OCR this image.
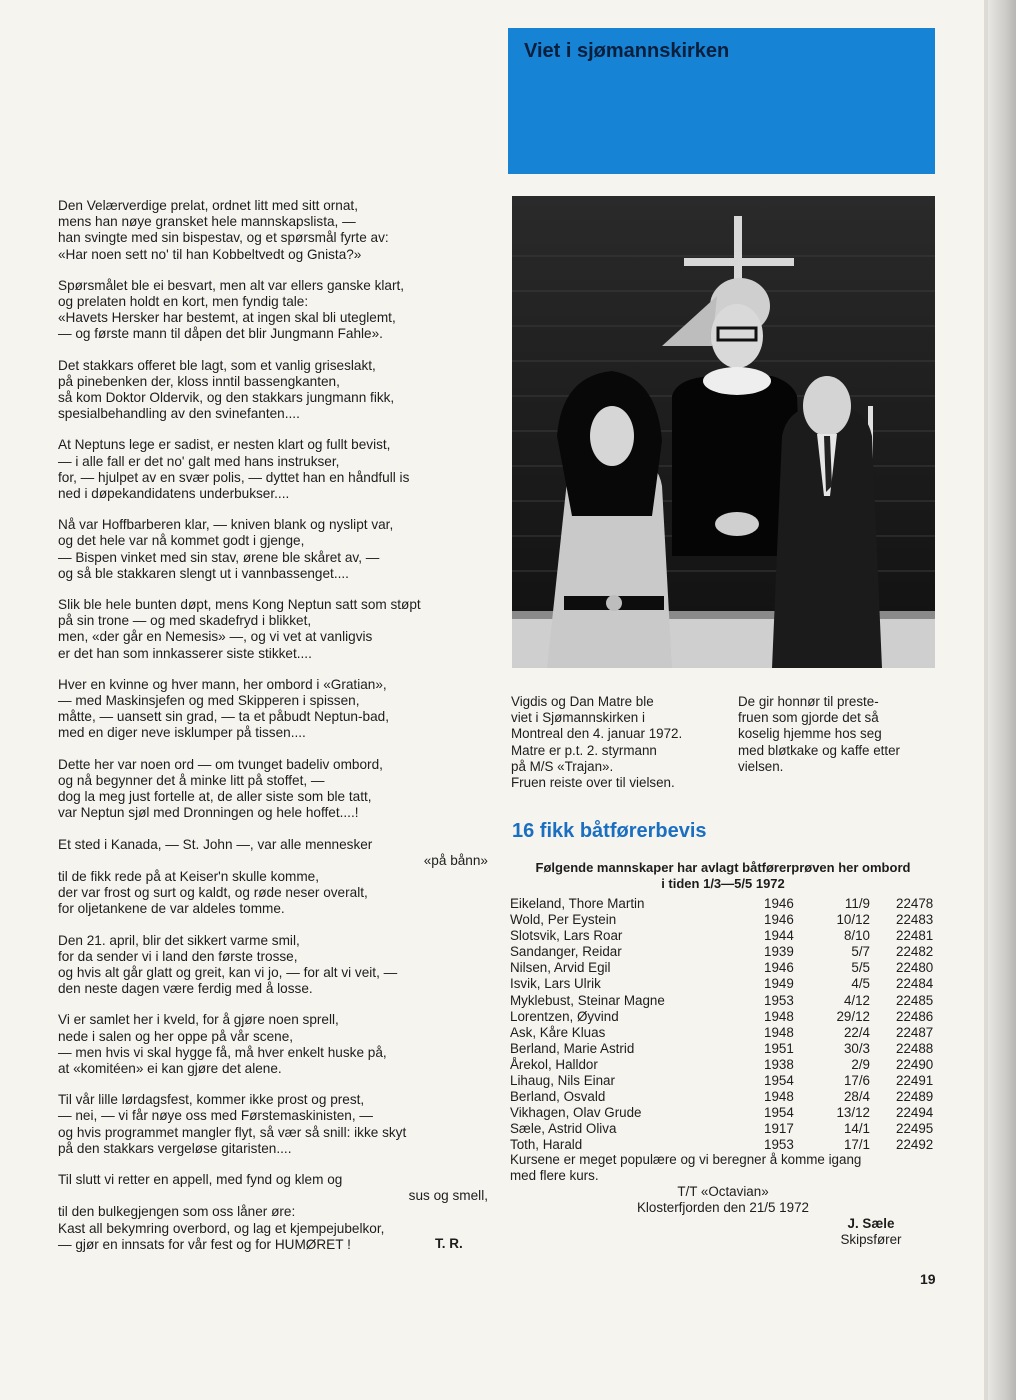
Viet i sjømannskirken
Den Velærverdige prelat, ordnet litt med sitt ornat,
mens han nøye gransket hele mannskapslista, —
han svingte med sin bispestav, og et spørsmål fyrte av:
«Har noen sett no' til han Kobbeltvedt og Gnista?»
Spørsmålet ble ei besvart, men alt var ellers ganske klart,
og prelaten holdt en kort, men fyndig tale:
«Havets Hersker har bestemt, at ingen skal bli uteglemt,
— og første mann til dåpen det blir Jungmann Fahle».
Det stakkars offeret ble lagt, som et vanlig griseslakt,
på pinebenken der, kloss inntil bassengkanten,
så kom Doktor Oldervik, og den stakkars jungmann fikk,
spesialbehandling av den svinefanten....
At Neptuns lege er sadist, er nesten klart og fullt bevist,
— i alle fall er det no' galt med hans instrukser,
for, — hjulpet av en svær polis, — dyttet han en håndfull is
ned i døpekandidatens underbukser....
Nå var Hoffbarberen klar, — kniven blank og nyslipt var,
og det hele var nå kommet godt i gjenge,
— Bispen vinket med sin stav, ørene ble skåret av, —
og så ble stakkaren slengt ut i vannbassenget....
Slik ble hele bunten døpt, mens Kong Neptun satt som støpt
på sin trone — og med skadefryd i blikket,
men, «der går en Nemesis» —, og vi vet at vanligvis
er det han som innkasserer siste stikket....
Hver en kvinne og hver mann, her ombord i «Gratian»,
— med Maskinsjefen og med Skipperen i spissen,
måtte, — uansett sin grad, — ta et påbudt Neptun-bad,
med en diger neve isklumper på tissen....
Dette her var noen ord — om tvunget badeliv ombord,
og nå begynner det å minke litt på stoffet, —
dog la meg just fortelle at, de aller siste som ble tatt,
var Neptun sjøl med Dronningen og hele hoffet....!
Et sted i Kanada, — St. John —, var alle mennesker
«på bånn»
til de fikk rede på at Keiser'n skulle komme,
der var frost og surt og kaldt, og røde neser overalt,
for oljetankene de var aldeles tomme.
Den 21. april, blir det sikkert varme smil,
for da sender vi i land den første trosse,
og hvis alt går glatt og greit, kan vi jo, — for alt vi veit, —
den neste dagen være ferdig med å losse.
Vi er samlet her i kveld, for å gjøre noen sprell,
nede i salen og her oppe på vår scene,
— men hvis vi skal hygge få, må hver enkelt huske på,
at «komitéen» ei kan gjøre det alene.
Til vår lille lørdagsfest, kommer ikke prost og prest,
— nei, — vi får nøye oss med Førstemaskinisten, —
og hvis programmet mangler flyt, så vær så snill: ikke skyt
på den stakkars vergeløse gitaristen....
Til slutt vi retter en appell, med fynd og klem og
sus og smell,
til den bulkegjengen som oss låner øre:
Kast all bekymring overbord, og lag et kjempejubelkor,
— gjør en innsats for vår fest og for HUMØRET !	T. R.
Vigdis og Dan Matre ble
viet i Sjømannskirken i
Montreal den 4. januar 1972.
Matre er p.t. 2. styrmann
på M/S «Trajan».
Fruen reiste over til vielsen.
De gir honnør til preste-
fruen som gjorde det så
koselig hjemme hos seg
med bløtkake og kaffe etter
vielsen.
16 fikk båtførerbevis
Følgende mannskaper har avlagt båtførerprøven her ombord
i tiden 1/3—5/5 1972
Eikeland, Thore Martin	1946	11/9 22478
Wold, Per Eystein	1946	10/12 22483
Slotsvik, Lars Roar	1944	8/10 22481
Sandanger, Reidar	1939	5/7 22482
Nilsen, Arvid Egil	1946	5/5 22480
Isvik, Lars Ulrik	1949	4/5 22484
Myklebust, Steinar Magne	1953	4/12 22485
Lorentzen, Øyvind	1948	29/12 22486
Ask, Kåre Kluas	1948	22/4 22487
Berland, Marie Astrid	1951	30/3 22488
Årekol, Halldor	1938	2/9 22490
Lihaug, Nils Einar	1954	17/6 22491
Berland, Osvald	1948	28/4 22489
Vikhagen, Olav Grude	1954	13/12 22494
Sæle, Astrid Oliva	1917	14/1 22495
Toth, Harald	1953	17/1 22492
Kursene er meget populære og vi beregner å komme igang
med flere kurs.
T/T «Octavian»
Klosterfjorden den 21/5 1972
J. Sæle
Skipsfører
19
